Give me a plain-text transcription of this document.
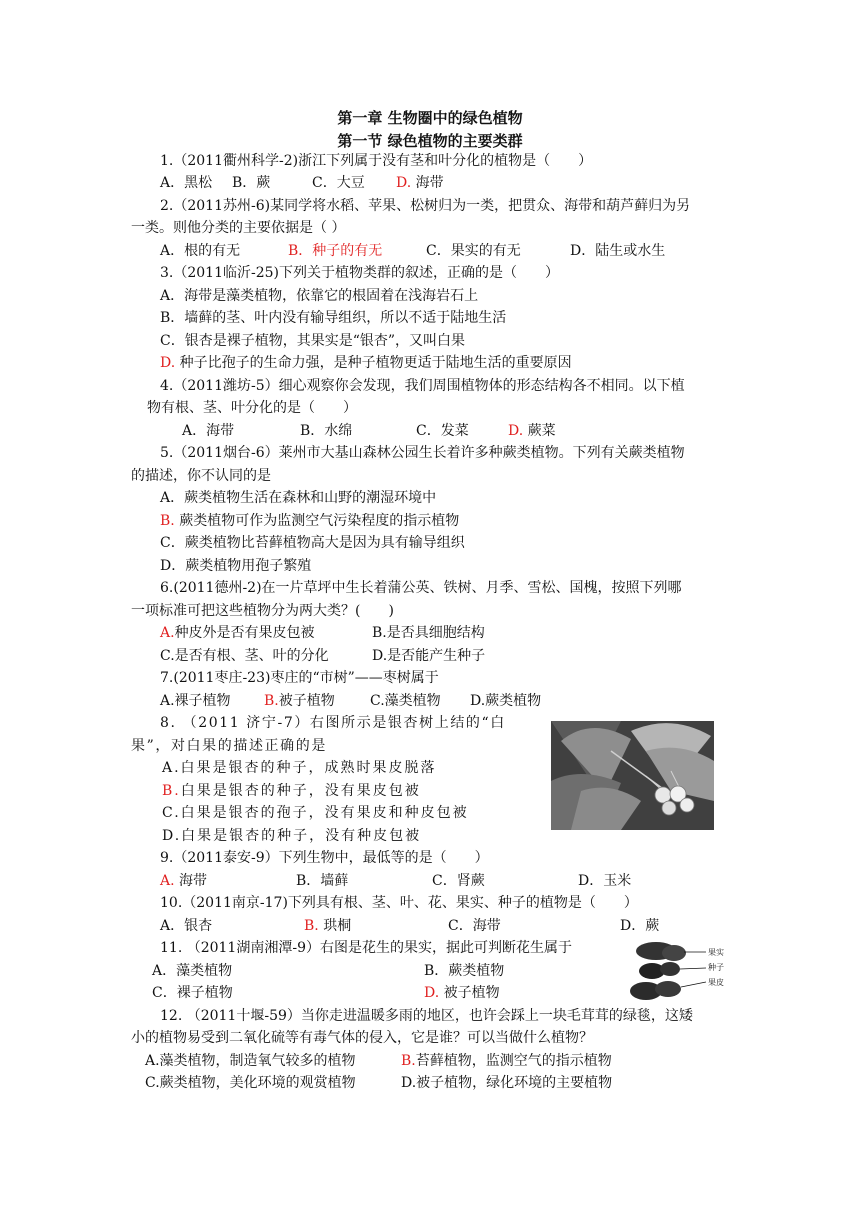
第一章 生物圈中的绿色植物
第一节 绿色植物的主要类群
1.（2011衢州科学-2)浙江下列属于没有茎和叶分化的植物是（　　）
A．黑松 B．蕨	C．大豆 D. 海带
2.（2011苏州-6)某同学将水稻、苹果、松树归为一类，把贯众、海带和葫芦藓归为另
一类。则他分类的主要依据是（ ）
A．根的有无	B．种子的有无	C．果实的有无	D．陆生或水生
3.（2011临沂-25)下列关于植物类群的叙述，正确的是（　　）
A．海带是藻类植物，依靠它的根固着在浅海岩石上
B．墙藓的茎、叶内没有输导组织，所以不适于陆地生活
C．银杏是裸子植物，其果实是“银杏”，又叫白果
D. 种子比孢子的生命力强，是种子植物更适于陆地生活的重要原因
4.（2011潍坊-5）细心观察你会发现，我们周围植物体的形态结构各不相同。以下植
物有根、茎、叶分化的是（　　）
A．海带	B．水绵	C．发菜	D. 蕨菜
5.（2011烟台-6）莱州市大基山森林公园生长着许多种蕨类植物。下列有关蕨类植物
的描述，你不认同的是
A．蕨类植物生活在森林和山野的潮湿环境中
B. 蕨类植物可作为监测空气污染程度的指示植物
C．蕨类植物比苔藓植物高大是因为具有输导组织
D．蕨类植物用孢子繁殖
6.(2011德州-2)在一片草坪中生长着蒲公英、铁树、月季、雪松、国槐，按照下列哪
一项标准可把这些植物分为两大类？(　　)
A.种皮外是否有果皮包被	B.是否具细胞结构
C.是否有根、茎、叶的分化	D.是否能产生种子
7.(2011枣庄-23)枣庄的“市树”——枣树属于
A.裸子植物 B.被子植物	C.藻类植物 D.蕨类植物
8. （2011 济宁-7）右图所示是银杏树上结的“白
果”，对白果的描述正确的是
A.白果是银杏的种子，成熟时果皮脱落
B.白果是银杏的种子，没有果皮包被
C.白果是银杏的孢子，没有果皮和种皮包被
D.白果是银杏的种子，没有种皮包被
9.（2011泰安-9）下列生物中，最低等的是（　　）
A. 海带	B．墙藓	C．肾蕨	D．玉米
10.（2011南京-17)下列具有根、茎、叶、花、果实、种子的植物是（　　）
A．银杏	B. 珙桐	C．海带	D．蕨
11. （2011湖南湘潭-9）右图是花生的果实，据此可判断花生属于
A．藻类植物	B．蕨类植物
C．裸子植物	D. 被子植物
果实
种子
果皮
12. （2011十堰-59）当你走进温暖多雨的地区，也许会踩上一块毛茸茸的绿毯，这矮
小的植物易受到二氧化硫等有毒气体的侵入，它是谁？可以当做什么植物？
A.藻类植物，制造氧气较多的植物	B.苔藓植物，监测空气的指示植物
C.蕨类植物，美化环境的观赏植物	D.被子植物，绿化环境的主要植物
